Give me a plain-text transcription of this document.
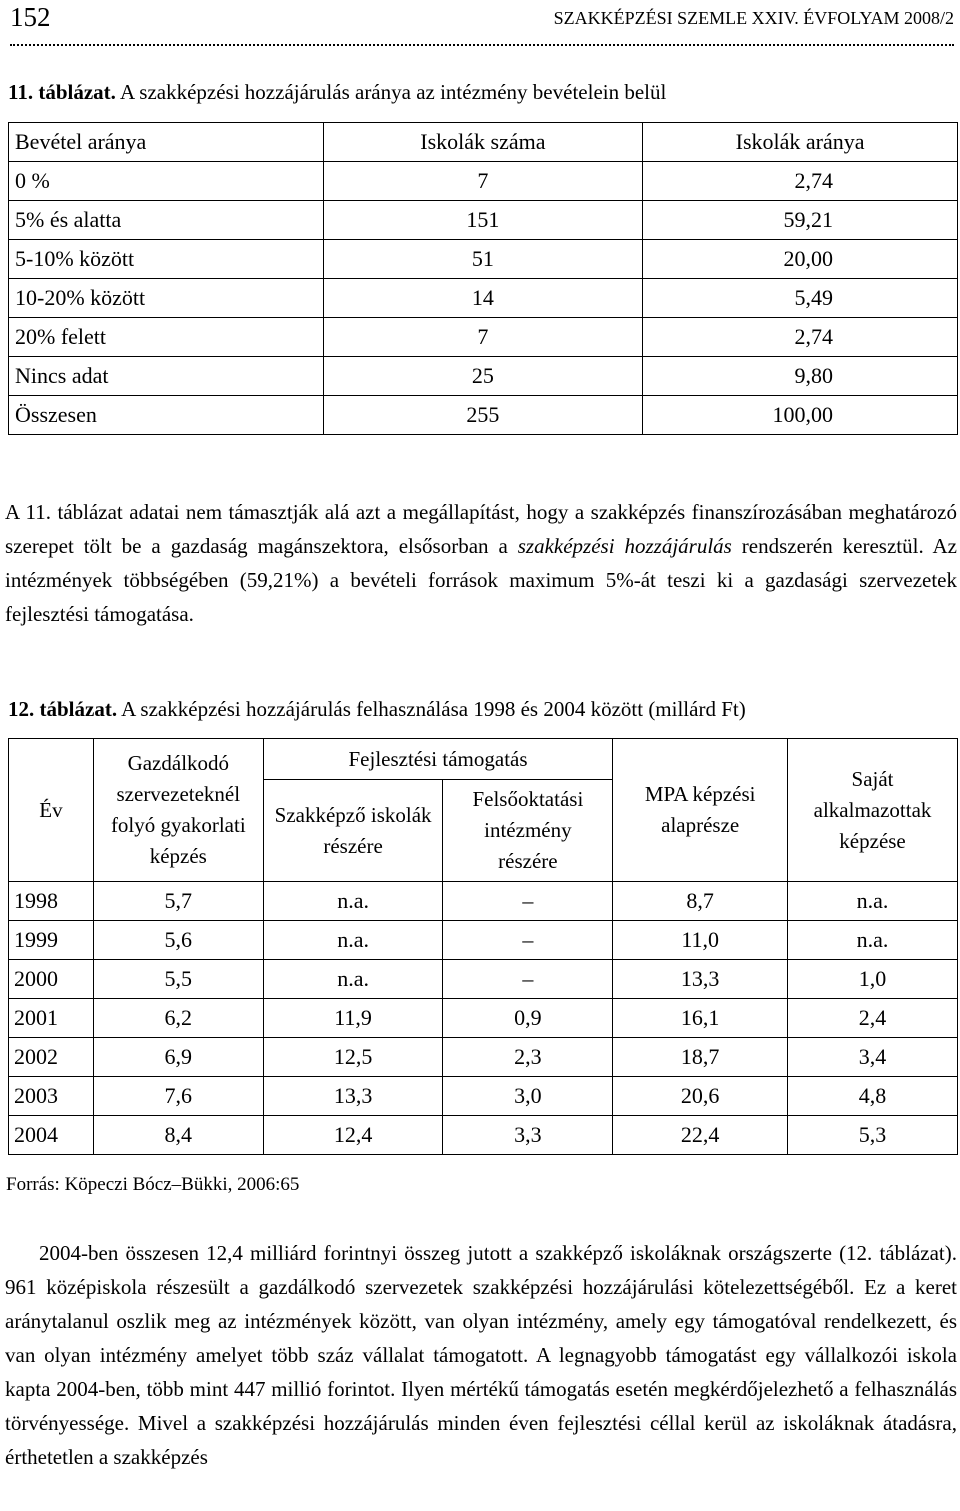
152	SZAKKÉPZÉSI SZEMLE XXIV. ÉVFOLYAM 2008/2
11. táblázat. A szakképzési hozzájárulás aránya az intézmény bevételein belül
Bevétel aránya	Iskolák száma	Iskolák aránya
0 %	7	2,74
5% és alatta	151	59,21
5-10% között	51	20,00
10-20% között	14	5,49
20% felett	7	2,74
Nincs adat	25	9,80
Összesen	255	100,00

A 11. táblázat adatai nem támasztják alá azt a megállapítást, hogy a szakképzés finanszírozásában meghatározó szerepet tölt be a gazdaság magánszektora, elsősorban a szakképzési hozzájárulás rendszerén keresztül. Az intézmények többségében (59,21%) a bevételi források maximum 5%-át teszi ki a gazdasági szervezetek fejlesztési támogatása.

12. táblázat. A szakképzési hozzájárulás felhasználása 1998 és 2004 között (millárd Ft)
Év	Gazdálkodó szervezeteknél folyó gyakorlati képzés	Fejlesztési támogatás		MPA képzési alaprésze	Saját alkalmazottak képzése
		Szakképző iskolák részére	Felsőoktatási intézmény részére		
1998	5,7	n.a.	–	8,7	n.a.
1999	5,6	n.a.	–	11,0	n.a.
2000	5,5	n.a.	–	13,3	1,0
2001	6,2	11,9	0,9	16,1	2,4
2002	6,9	12,5	2,3	18,7	3,4
2003	7,6	13,3	3,0	20,6	4,8
2004	8,4	12,4	3,3	22,4	5,3
Forrás: Köpeczi Bócz–Bükki, 2006:65

2004-ben összesen 12,4 milliárd forintnyi összeg jutott a szakképző iskoláknak országszerte (12. táblázat). 961 középiskola részesült a gazdálkodó szervezetek szakképzési hozzájárulási kötelezettségéből. Ez a keret aránytalanul oszlik meg az intézmények között, van olyan intézmény, amely egy támogatóval rendelkezett, és van olyan intézmény amelyet több száz vállalat támogatott. A legnagyobb támogatást egy vállalkozói iskola kapta 2004-ben, több mint 447 millió forintot. Ilyen mértékű támogatás esetén megkérdőjelezhető a felhasználás törvényessége. Mivel a szakképzési hozzájárulás minden éven fejlesztési céllal kerül az iskoláknak átadásra, érthetetlen a szakképzés
